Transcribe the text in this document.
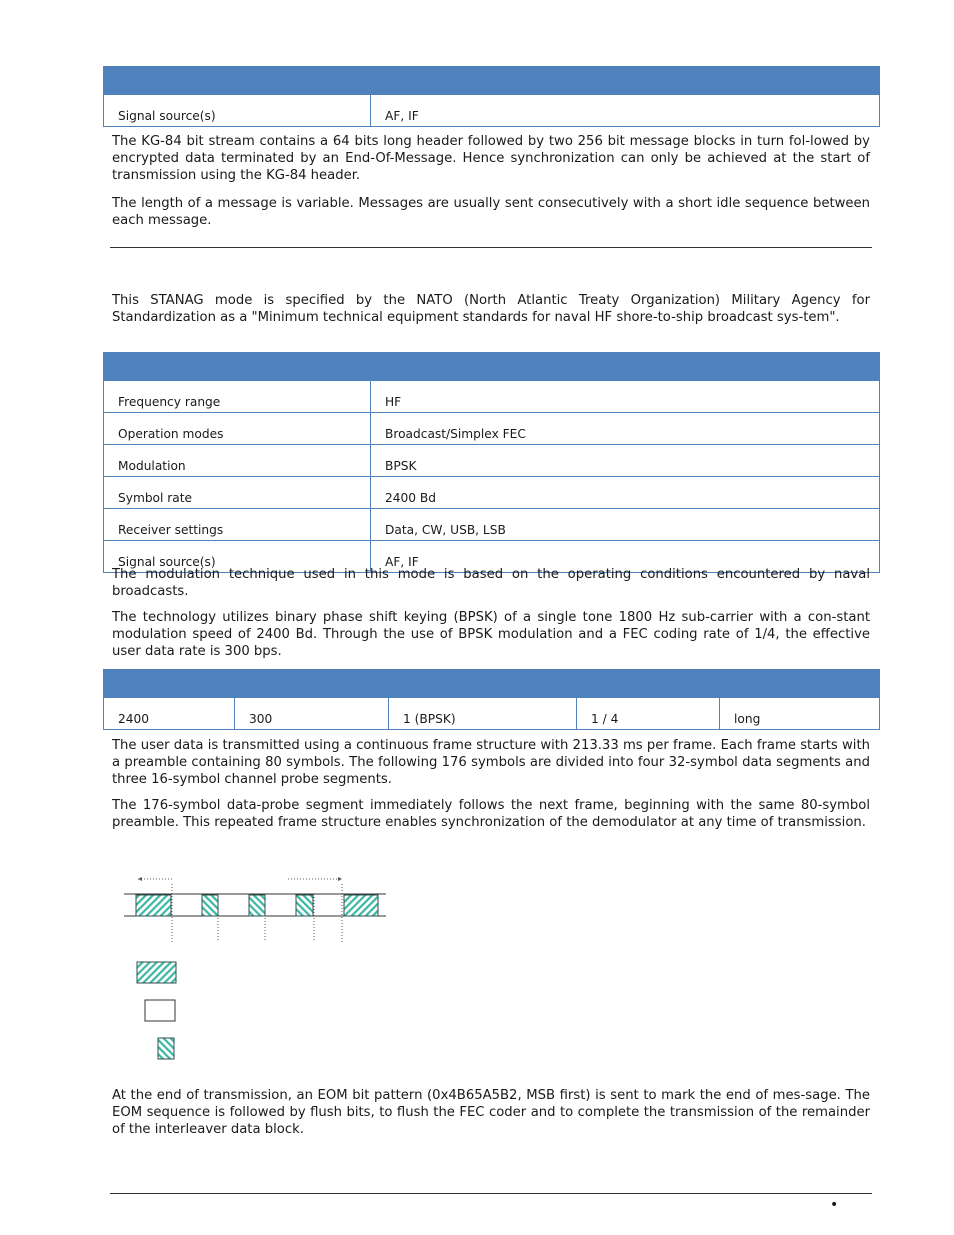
Signal source(s)	AF, IF

The KG-84 bit stream contains a 64 bits long header followed by two 256 bit message blocks in turn fol-lowed by encrypted data terminated by an End-Of-Message. Hence synchronization can only be achieved at the start of transmission using the KG-84 header.

The length of a message is variable. Messages are usually sent consecutively with a short idle sequence between each message.

This STANAG mode is specified by the NATO (North Atlantic Treaty Organization) Military Agency for Standardization as a "Minimum technical equipment standards for naval HF shore-to-ship broadcast sys-tem".

Frequency range	HF
Operation modes	Broadcast/Simplex FEC
Modulation	BPSK
Symbol rate	2400 Bd
Receiver settings	Data, CW, USB, LSB
Signal source(s)	AF, IF

The modulation technique used in this mode is based on the operating conditions encountered by naval broadcasts.

The technology utilizes binary phase shift keying (BPSK) of a single tone 1800 Hz sub-carrier with a con-stant modulation speed of 2400 Bd. Through the use of BPSK modulation and a FEC coding rate of 1/4, the effective user data rate is 300 bps.

2400	300	1 (BPSK)	1 / 4	long

The user data is transmitted using a continuous frame structure with 213.33 ms per frame. Each frame starts with a preamble containing 80 symbols. The following 176 symbols are divided into four 32-symbol data segments and three 16-symbol channel probe segments.

The 176-symbol data-probe segment immediately follows the next frame, beginning with the same 80-symbol preamble. This repeated frame structure enables synchronization of the demodulator at any time of transmission.

At the end of transmission, an EOM bit pattern (0x4B65A5B2, MSB first) is sent to mark the end of mes-sage. The EOM sequence is followed by flush bits, to flush the FEC coder and to complete the transmission of the remainder of the interleaver data block.

•
